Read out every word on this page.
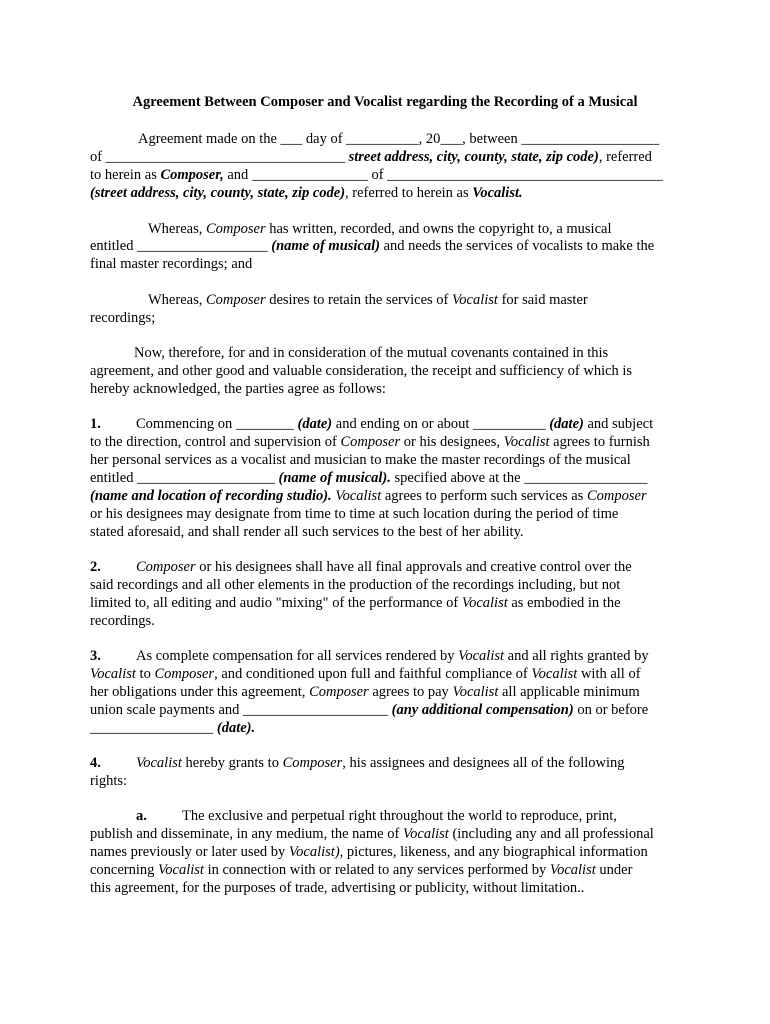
Agreement Between Composer and Vocalist regarding the Recording of a Musical
Agreement made on the ___ day of __________, 20___, between ___________________
of _________________________________ street address, city, county, state, zip code), referred
to herein as Composer, and ________________ of ______________________________________
(street address, city, county, state, zip code), referred to herein as Vocalist.
Whereas, Composer has written, recorded, and owns the copyright to, a musical
entitled __________________ (name of musical) and needs the services of vocalists to make the
final master recordings; and
Whereas, Composer desires to retain the services of Vocalist for said master
recordings;
Now, therefore, for and in consideration of the mutual covenants contained in this
agreement, and other good and valuable consideration, the receipt and sufficiency of which is
hereby acknowledged, the parties agree as follows:
1. Commencing on ________ (date) and ending on or about __________ (date) and subject
to the direction, control and supervision of Composer or his designees, Vocalist agrees to furnish
her personal services as a vocalist and musician to make the master recordings of the musical
entitled ___________________ (name of musical). specified above at the _________________
(name and location of recording studio). Vocalist agrees to perform such services as Composer
or his designees may designate from time to time at such location during the period of time
stated aforesaid, and shall render all such services to the best of her ability.
2. Composer or his designees shall have all final approvals and creative control over the
said recordings and all other elements in the production of the recordings including, but not
limited to, all editing and audio "mixing" of the performance of Vocalist as embodied in the
recordings.
3. As complete compensation for all services rendered by Vocalist and all rights granted by
Vocalist to Composer, and conditioned upon full and faithful compliance of Vocalist with all of
her obligations under this agreement, Composer agrees to pay Vocalist all applicable minimum
union scale payments and ____________________ (any additional compensation) on or before
_________________ (date).
4. Vocalist hereby grants to Composer, his assignees and designees all of the following
rights:
a. The exclusive and perpetual right throughout the world to reproduce, print,
publish and disseminate, in any medium, the name of Vocalist (including any and all professional
names previously or later used by Vocalist), pictures, likeness, and any biographical information
concerning Vocalist in connection with or related to any services performed by Vocalist under
this agreement, for the purposes of trade, advertising or publicity, without limitation..
